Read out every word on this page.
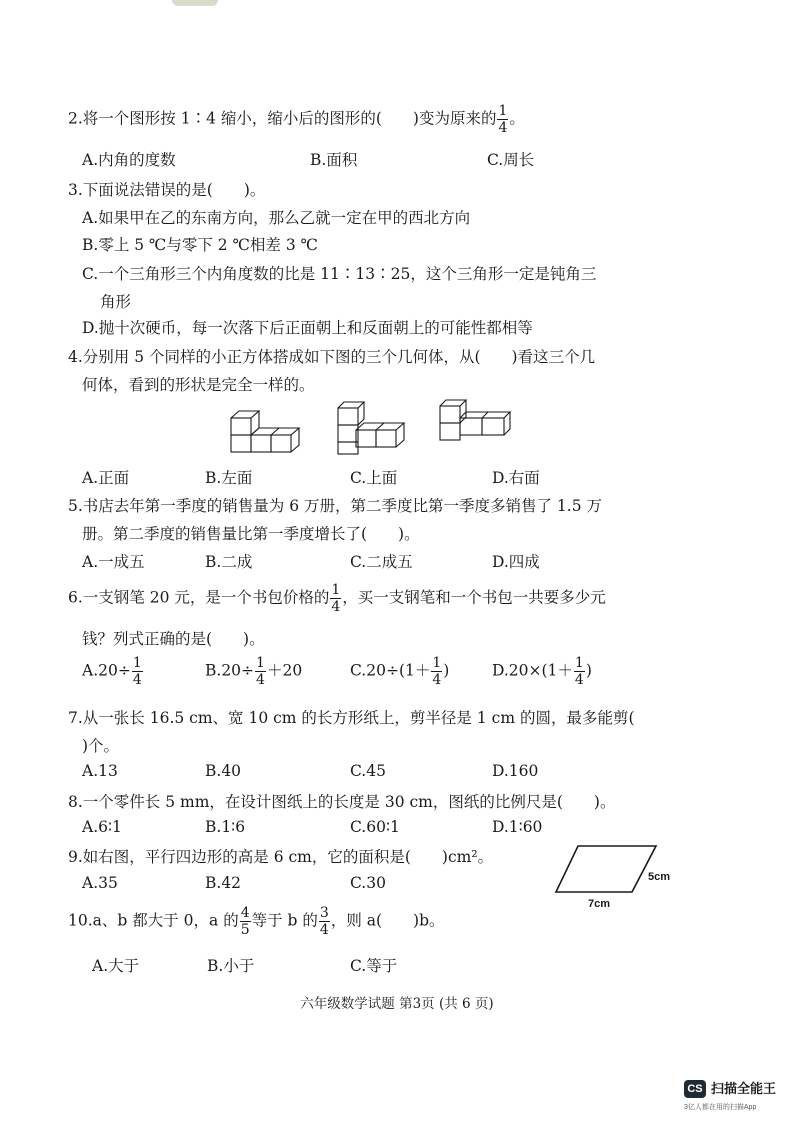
2.将一个图形按 1∶4 缩小，缩小后的图形的(　　)变为原来的 $\frac{1}{4}$ 。
A.内角的度数	B.面积	C.周长
3.下面说法错误的是(　　)。
A.如果甲在乙的东南方向，那么乙就一定在甲的西北方向
B.零上 5 ℃与零下 2 ℃相差 3 ℃
C.一个三角形三个内角度数的比是 11∶13∶25，这个三角形一定是钝角三
角形
D.抛十次硬币，每一次落下后正面朝上和反面朝上的可能性都相等
4.分别用 5 个同样的小正方体搭成如下图的三个几何体，从(　　)看这三个几
何体，看到的形状是完全一样的。
A.正面	B.左面	C.上面	D.右面
5.书店去年第一季度的销售量为 6 万册，第二季度比第一季度多销售了 1.5 万
册。第二季度的销售量比第一季度增长了(　　)。
A.一成五	B.二成	C.二成五	D.四成
6.一支钢笔 20 元，是一个书包价格的 $\frac{1}{4}$ ，买一支钢笔和一个书包一共要多少元
钱？列式正确的是(　　)。
$A.20\div \frac{1}{4}$	$B.20\div \frac{1}{4} +20$	$C.20\div(1+ \frac{1}{4}$ )	$D.20\times(1+ \frac{1}{4}$ )
7.从一张长 16.5 cm、宽 10 cm 的长方形纸上，剪半径是 1 cm 的圆，最多能剪(
)个。
A.13	B.40	C.45	D.160
8.一个零件长 5 mm，在设计图纸上的长度是 30 cm，图纸的比例尺是(　　)。
A.6∶1	B.1∶6	C.60∶1	D.1∶60
9.如右图，平行四边形的高是 6 cm，它的面积是(　　)cm²。
A.35	B.42	C.30	5cm
7cm
10.a、b 都大于 0，a 的 $\frac{4}{5}$ 等于 b 的 $\frac{3}{4}$ ，则 a(　　)b。
A.大于	B.小于	C.等于
六年级数学试题 第3页 (共 6 页)
CS 扫描全能王
3亿人都在用的扫描App
